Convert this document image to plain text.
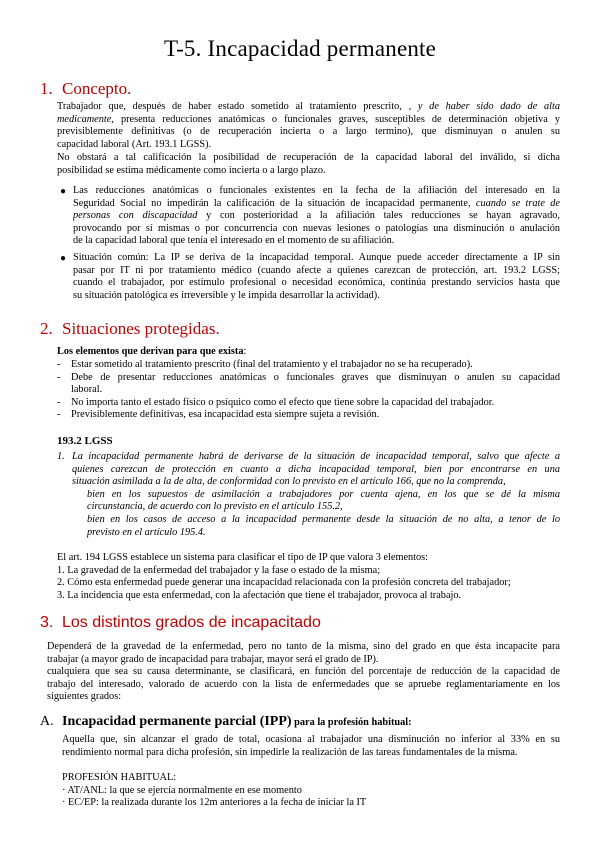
T-5. Incapacidad permanente
1. Concepto.
Trabajador que, después de haber estado sometido al tratamiento prescrito, , y de haber sido dado de alta
medicamente, presenta reducciones anatómicas o funcionales graves, susceptibles de determinación objetiva y
previsiblemente definitivas (o de recuperación incierta o a largo termino), que disminuyan o anulen su
capacidad laboral (Art. 193.1 LGSS).
No obstará a tal calificación la posibilidad de recuperación de la capacidad laboral del inválido, si dicha
posibilidad se estima médicamente como incierta o a largo plazo.
● Las reducciones anatómicas o funcionales existentes en la fecha de la afiliación del interesado en la
Seguridad Social no impedirán la calificación de la situación de incapacidad permanente, cuando se trate de
personas con discapacidad y con posterioridad a la afiliación tales reducciones se hayan agravado,
provocando por sí mismas o por concurrencia con nuevas lesiones o patologías una disminución o anulación
de la capacidad laboral que tenía el interesado en el momento de su afiliación.
● Situación común: La IP se deriva de la incapacidad temporal. Aunque puede acceder directamente a IP sin
pasar por IT ni por tratamiento médico (cuando afecte a quienes carezcan de protección, art. 193.2 LGSS;
cuando el trabajador, por estímulo profesional o necesidad económica, continúa prestando servicios hasta que
su situación patológica es irreversible y le impida desarrollar la actividad).
2. Situaciones protegidas.
Los elementos que derivan para que exista:
- Estar sometido al tratamiento prescrito (final del tratamiento y el trabajador no se ha recuperado).
- Debe de presentar reducciones anatómicas o funcionales graves que disminuyan o anulen su capacidad
laboral.
- No importa tanto el estado físico o psíquico como el efecto que tiene sobre la capacidad del trabajador.
- Previsiblemente definitivas, esa incapacidad esta siempre sujeta a revisión.
193.2 LGSS
1. La incapacidad permanente habrá de derivarse de la situación de incapacidad temporal, salvo que afecte a
quienes carezcan de protección en cuanto a dicha incapacidad temporal, bien por encontrarse en una
situación asimilada a la de alta, de conformidad con lo previsto en el artículo 166, que no la comprenda,
bien en los supuestos de asimilación a trabajadores por cuenta ajena, en los que se dé la misma
circunstancia, de acuerdo con lo previsto en el artículo 155.2,
bien en los casos de acceso a la incapacidad permanente desde la situación de no alta, a tenor de lo
previsto en el artículo 195.4.
El art. 194 LGSS establece un sistema para clasificar el tipo de IP que valora 3 elementos:
1. La gravedad de la enfermedad del trabajador y la fase o estado de la misma;
2. Cómo esta enfermedad puede generar una incapacidad relacionada con la profesión concreta del trabajador;
3. La incidencia que esta enfermedad, con la afectación que tiene el trabajador, provoca al trabajo.
3. Los distintos grados de incapacitado
Dependerá de la gravedad de la enfermedad, pero no tanto de la misma, sino del grado en que ésta incapacite para
trabajar (a mayor grado de incapacidad para trabajar, mayor será el grado de IP).
cualquiera que sea su causa determinante, se clasificará, en función del porcentaje de reducción de la capacidad de
trabajo del interesado, valorado de acuerdo con la lista de enfermedades que se apruebe reglamentariamente en los
siguientes grados:
A. Incapacidad permanente parcial (IPP) para la profesión habitual:
Aquella que, sin alcanzar el grado de total, ocasiona al trabajador una disminución no inferior al 33% en su
rendimiento normal para dicha profesión, sin impedirle la realización de las tareas fundamentales de la misma.
PROFESIÓN HABITUAL:
· AT/ANL: la que se ejercía normalmente en ese momento
· EC/EP: la realizada durante los 12m anteriores a la fecha de iniciar la IT
